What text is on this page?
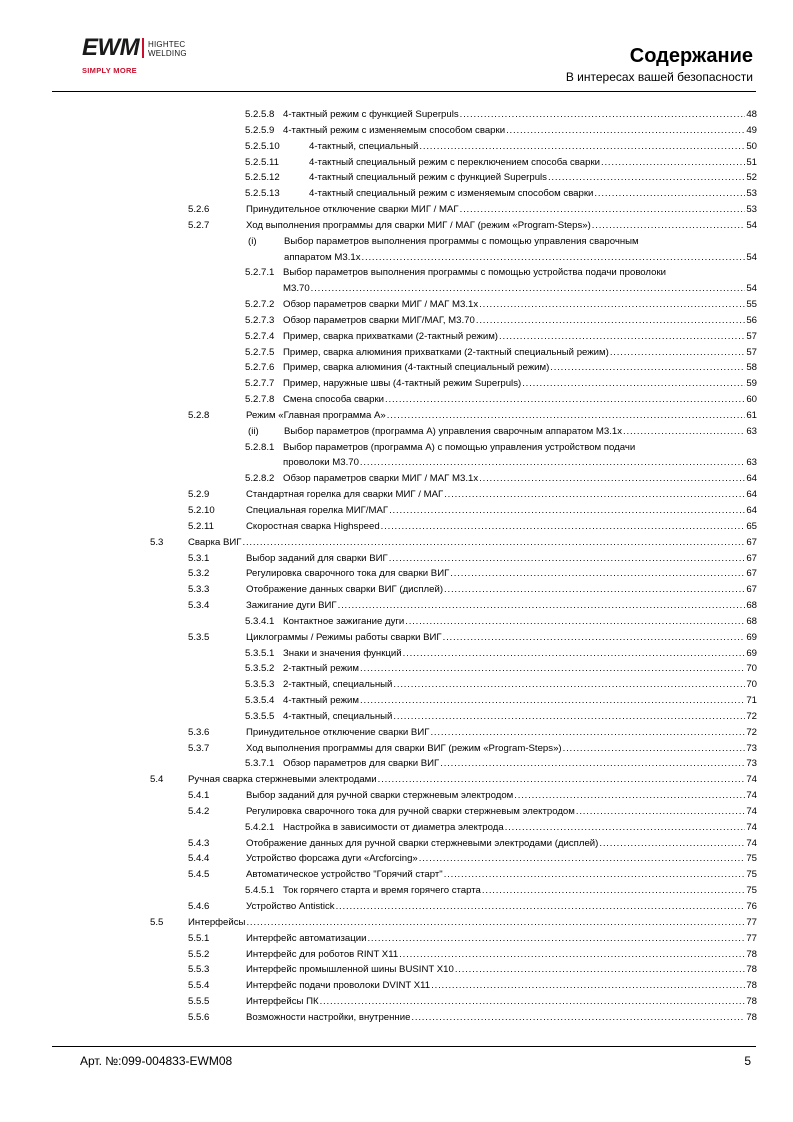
EWM HIGHTEC
WELDING
SIMPLY MORE
Содержание
В интересах вашей безопасности
5.2.5.8 4-тактный режим с функцией Superpuls .....	48
5.2.5.9 4-тактный режим с изменяемым способом сварки .....	49
5.2.5.10	4-тактный, специальный .....	50
5.2.5.11	4-тактный специальный режим с переключением способа сварки .....	51
5.2.5.12	4-тактный специальный режим с функцией Superpuls .....	52
5.2.5.13	4-тактный специальный режим с изменяемым способом сварки .....	53
5.2.6	Принудительное отключение сварки МИГ / МАГ .....	53
5.2.7	Ход выполнения программы для сварки МИГ / МАГ (режим «Program-Steps») .....	54
(i)	Выбор параметров выполнения программы с помощью управления сварочным
аппаратом M3.1x .....	54
5.2.7.1 Выбор параметров выполнения программы с помощью устройства подачи проволоки
M3.70 .....	54
5.2.7.2 Обзор параметров сварки МИГ / МАГ M3.1x .....	55
5.2.7.3 Обзор параметров сварки МИГ/МАГ, M3.70 .....	56
5.2.7.4 Пример, сварка прихватками (2-тактный режим) .....	57
5.2.7.5 Пример, сварка алюминия прихватками (2-тактный специальный режим) .....	57
5.2.7.6 Пример, сварка алюминия (4-тактный специальный режим) .....	58
5.2.7.7 Пример, наружные швы (4-тактный режим Superpuls) .....	59
5.2.7.8 Смена способа сварки .....	60
5.2.8	Режим «Главная программа А» .....	61
(ii)	Выбор параметров (программа A) управления сварочным аппаратом M3.1x .....	63
5.2.8.1 Выбор параметров (программа A) с помощью управления устройством подачи
проволоки M3.70 .....	63
5.2.8.2 Обзор параметров сварки МИГ / МАГ M3.1x .....	64
5.2.9	Стандартная горелка для сварки МИГ / МАГ .....	64
5.2.10	Специальная горелка МИГ/МАГ .....	64
5.2.11	Скоростная сварка Highspeed .....	65
5.3	Сварка ВИГ .....	67
5.3.1	Выбор заданий для сварки ВИГ .....	67
5.3.2	Регулировка сварочного тока для сварки ВИГ .....	67
5.3.3	Отображение данных сварки ВИГ (дисплей) .....	67
5.3.4	Зажигание дуги ВИГ .....	68
5.3.4.1 Контактное зажигание дуги .....	68
5.3.5	Циклограммы / Режимы работы сварки ВИГ .....	69
5.3.5.1 Знаки и значения функций .....	69
5.3.5.2 2-тактный режим .....	70
5.3.5.3 2-тактный, специальный .....	70
5.3.5.4 4-тактный режим .....	71
5.3.5.5 4-тактный, специальный .....	72
5.3.6	Принудительное отключение сварки ВИГ .....	72
5.3.7	Ход выполнения программы для сварки ВИГ (режим «Program-Steps») .....	73
5.3.7.1 Обзор параметров для сварки ВИГ .....	73
5.4	Ручная сварка стержневыми электродами .....	74
5.4.1	Выбор заданий для ручной сварки стержневым электродом .....	74
5.4.2	Регулировка сварочного тока для ручной сварки стержневым электродом .....	74
5.4.2.1 Настройка в зависимости от диаметра электрода .....	74
5.4.3	Отображение данных для ручной сварки стержневыми электродами (дисплей) .....	74
5.4.4	Устройство форсажа дуги «Arcforcing» .....	75
5.4.5	Автоматическое устройство "Горячий старт" .....	75
5.4.5.1 Ток горячего старта и время горячего старта .....	75
5.4.6	Устройство Antistick .....	76
5.5	Интерфейсы .....	77
5.5.1	Интерфейс автоматизации .....	77
5.5.2	Интерфейс для роботов RINT X11 .....	78
5.5.3	Интерфейс промышленной шины BUSINT X10 .....	78
5.5.4	Интерфейс подачи проволоки DVINT X11 .....	78
5.5.5	Интерфейсы ПК .....	78
5.5.6	Возможности настройки, внутренние .....	78
Арт. №:099-004833-EWM08	5
